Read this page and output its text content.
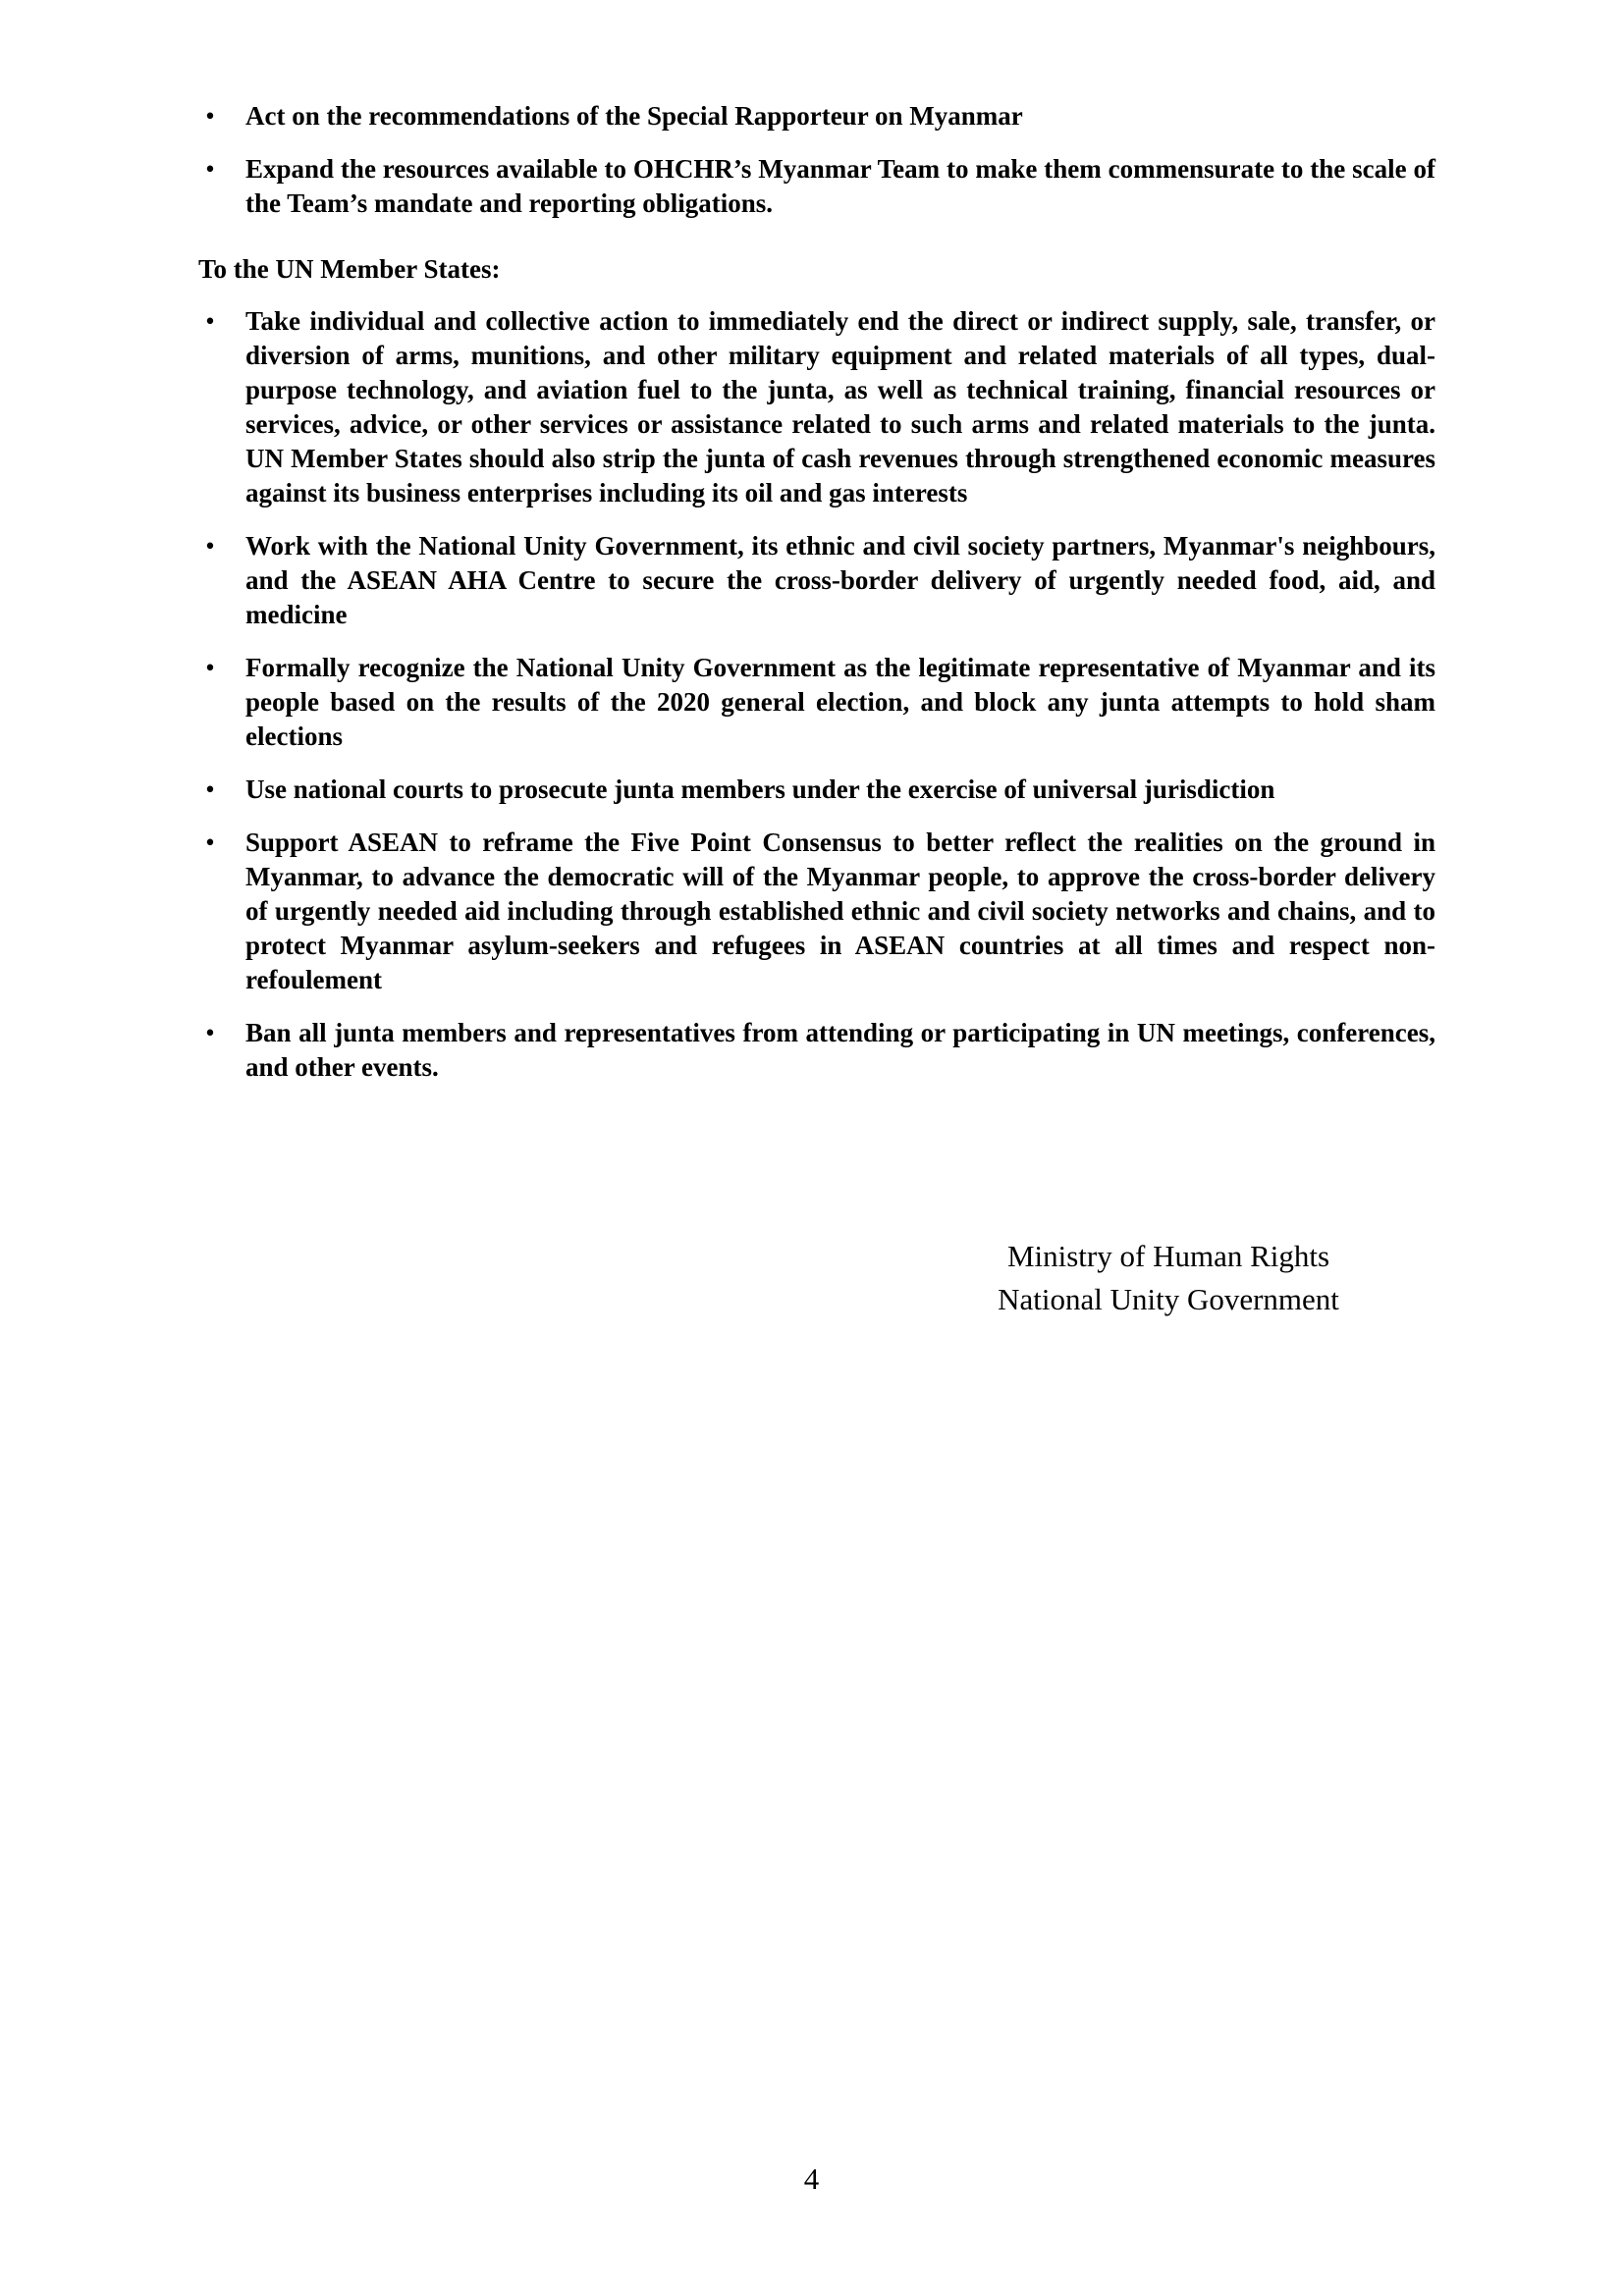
• Act on the recommendations of the Special Rapporteur on Myanmar
• Expand the resources available to OHCHR’s Myanmar Team to make them commensurate to the scale of the Team’s mandate and reporting obligations.
To the UN Member States:
• Take individual and collective action to immediately end the direct or indirect supply, sale, transfer, or diversion of arms, munitions, and other military equipment and related materials of all types, dual-purpose technology, and aviation fuel to the junta, as well as technical training, financial resources or services, advice, or other services or assistance related to such arms and related materials to the junta. UN Member States should also strip the junta of cash revenues through strengthened economic measures against its business enterprises including its oil and gas interests
• Work with the National Unity Government, its ethnic and civil society partners, Myanmar's neighbours, and the ASEAN AHA Centre to secure the cross-border delivery of urgently needed food, aid, and medicine
• Formally recognize the National Unity Government as the legitimate representative of Myanmar and its people based on the results of the 2020 general election, and block any junta attempts to hold sham elections
• Use national courts to prosecute junta members under the exercise of universal jurisdiction
• Support ASEAN to reframe the Five Point Consensus to better reflect the realities on the ground in Myanmar, to advance the democratic will of the Myanmar people, to approve the cross-border delivery of urgently needed aid including through established ethnic and civil society networks and chains, and to protect Myanmar asylum-seekers and refugees in ASEAN countries at all times and respect non-refoulement
• Ban all junta members and representatives from attending or participating in UN meetings, conferences, and other events.
Ministry of Human Rights
National Unity Government
4
